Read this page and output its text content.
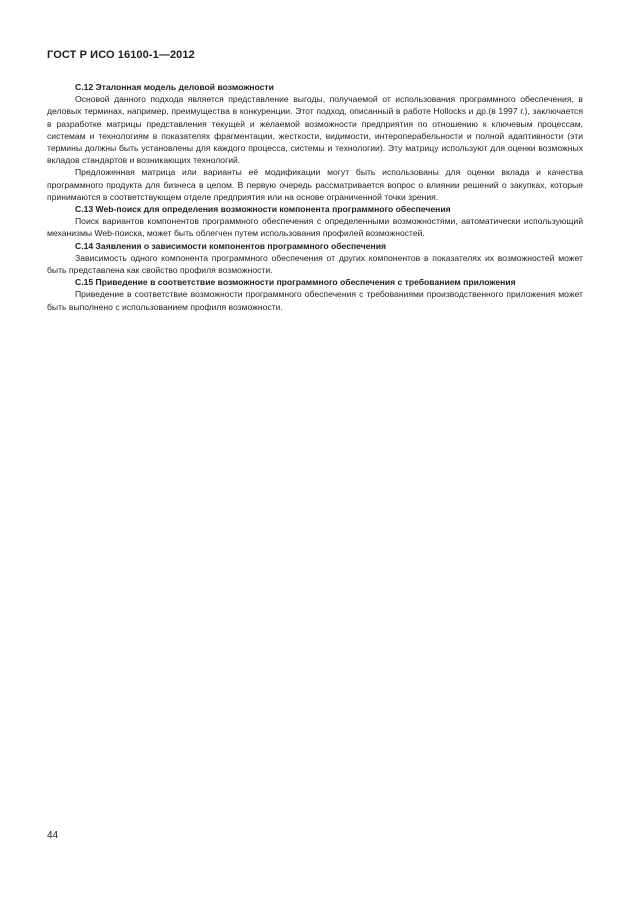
ГОСТ Р ИСО 16100-1—2012

С.12 Эталонная модель деловой возможности

Основой данного подхода является представление выгоды, получаемой от использования программного обеспечения, в деловых терминах, например, преимущества в конкуренции. Этот подход, описанный в работе Hollocks и др.(в 1997 г.), заключается в разработке матрицы представления текущей и желаемой возможности предприятия по отношению к ключевым процессам, системам и технологиям в показателях фрагментации, жесткости, видимости, интероперабельности и полной адаптивности (эти термины должны быть установлены для каждого процесса, системы и технологии). Эту матрицу используют для оценки возможных вкладов стандартов и возникающих технологий.

Предложенная матрица или варианты её модификации могут быть использованы для оценки вклада и качества программного продукта для бизнеса в целом. В первую очередь рассматривается вопрос о влиянии решений о закупках, которые принимаются в соответствующем отделе предприятия или на основе ограниченной точки зрения.

С.13 Web-поиск для определения возможности компонента программного обеспечения

Поиск вариантов компонентов программного обеспечения с определенными возможностями, автоматически использующий механизмы Web-поиска, может быть облегчен путем использования профилей возможностей.

С.14 Заявления о зависимости компонентов программного обеспечения

Зависимость одного компонента программного обеспечения от других компонентов в показателях их возможностей может быть представлена как свойство профиля возможности.

С.15 Приведение в соответствие возможности программного обеспечения с требованием приложения

Приведение в соответствие возможности программного обеспечения с требованиями производственного приложения может быть выполнено с использованием профиля возможности.

44
